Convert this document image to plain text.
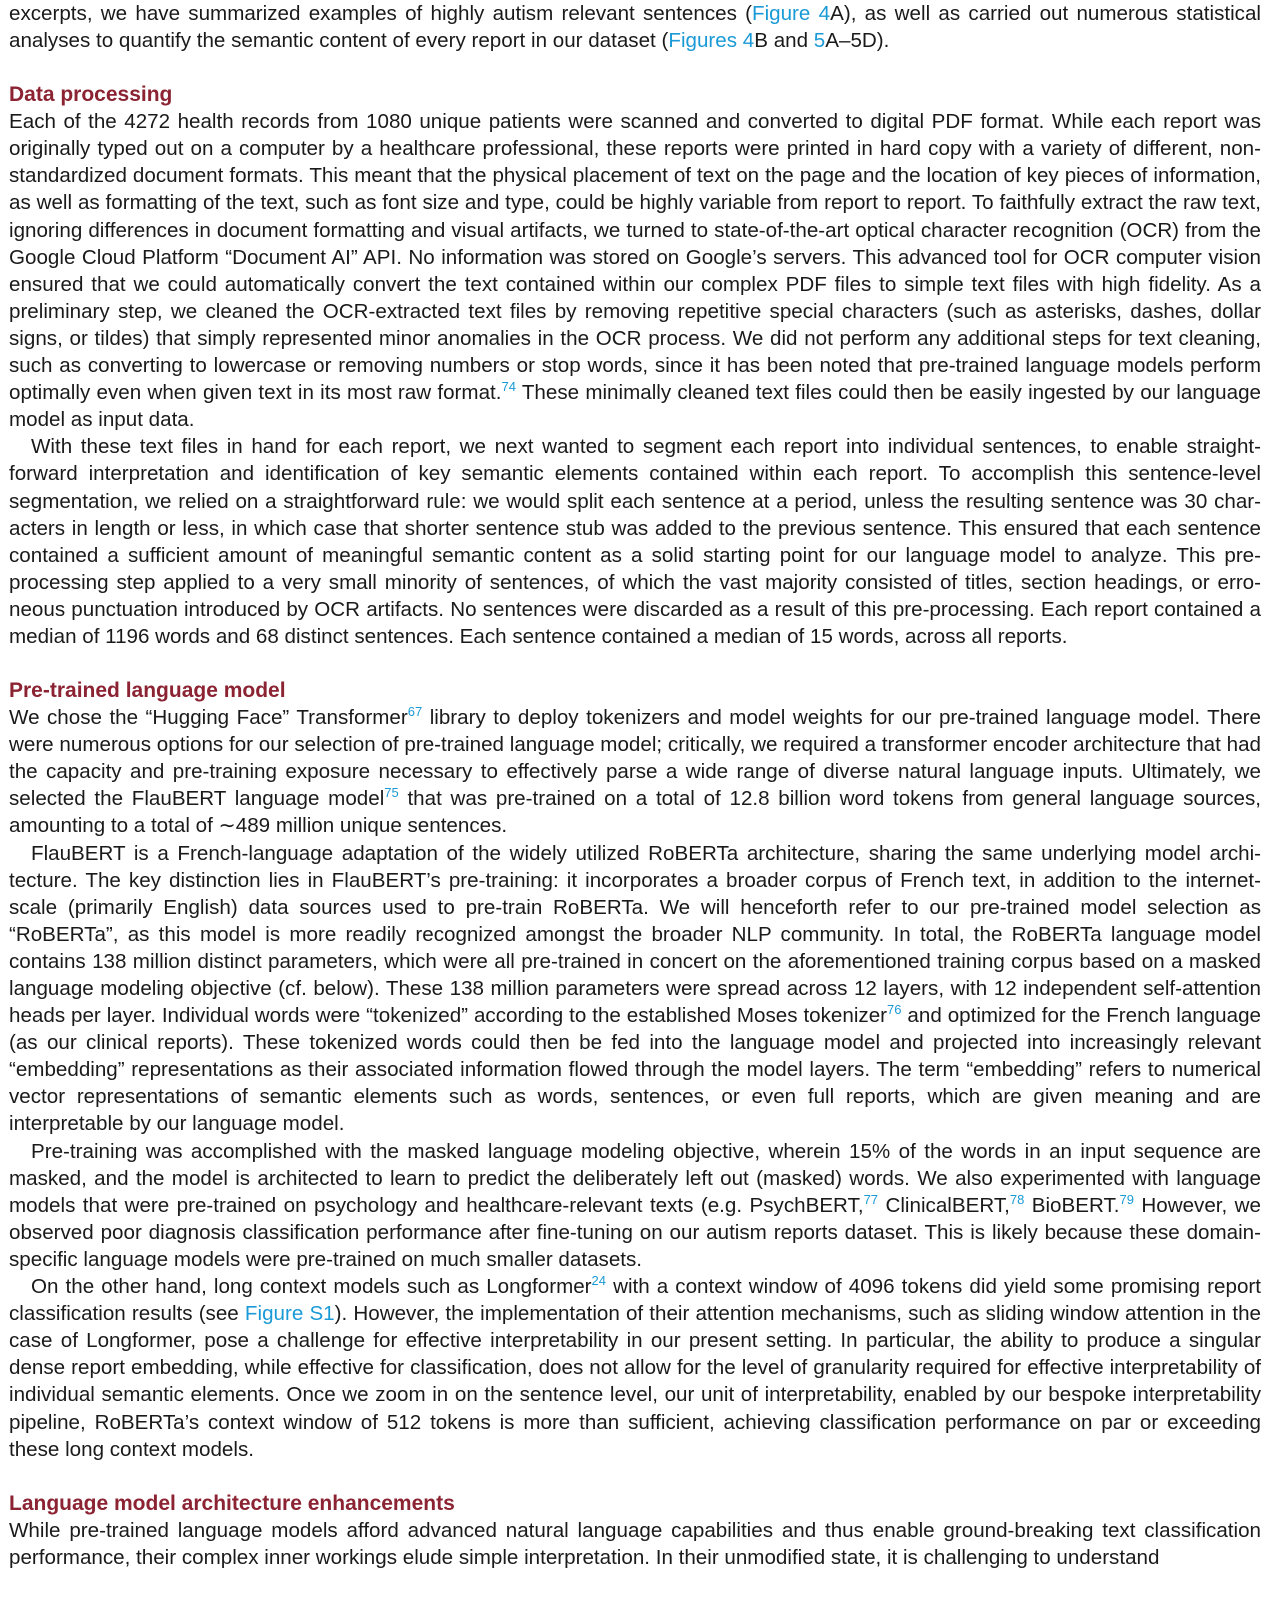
excerpts, we have summarized examples of highly autism relevant sentences (Figure 4A), as well as carried out numerous statistical analyses to quantify the semantic content of every report in our dataset (Figures 4B and 5A–5D).

Data processing

Each of the 4272 health records from 1080 unique patients were scanned and converted to digital PDF format. While each report was originally typed out on a computer by a healthcare professional, these reports were printed in hard copy with a variety of different, non-standardized document formats. This meant that the physical placement of text on the page and the location of key pieces of information, as well as formatting of the text, such as font size and type, could be highly variable from report to report. To faithfully extract the raw text, ignoring differences in document formatting and visual artifacts, we turned to state-of-the-art optical character recognition (OCR) from the Google Cloud Platform “Document AI” API. No information was stored on Google’s servers. This advanced tool for OCR computer vision ensured that we could automatically convert the text contained within our complex PDF files to simple text files with high fidelity. As a preliminary step, we cleaned the OCR-extracted text files by removing repetitive special characters (such as asterisks, dashes, dollar signs, or tildes) that simply represented minor anomalies in the OCR process. We did not perform any additional steps for text cleaning, such as converting to lowercase or removing numbers or stop words, since it has been noted that pre-trained language models perform optimally even when given text in its most raw format.$^{74}$ These minimally cleaned text files could then be easily ingested by our language model as input data.

With these text files in hand for each report, we next wanted to segment each report into individual sentences, to enable straightforward interpretation and identification of key semantic elements contained within each report. To accomplish this sentence-level segmentation, we relied on a straightforward rule: we would split each sentence at a period, unless the resulting sentence was 30 characters in length or less, in which case that shorter sentence stub was added to the previous sentence. This ensured that each sentence contained a sufficient amount of meaningful semantic content as a solid starting point for our language model to analyze. This preprocessing step applied to a very small minority of sentences, of which the vast majority consisted of titles, section headings, or erroneous punctuation introduced by OCR artifacts. No sentences were discarded as a result of this pre-processing. Each report contained a median of 1196 words and 68 distinct sentences. Each sentence contained a median of 15 words, across all reports.

Pre-trained language model

We chose the “Hugging Face” Transformer$^{67}$ library to deploy tokenizers and model weights for our pre-trained language model. There were numerous options for our selection of pre-trained language model; critically, we required a transformer encoder architecture that had the capacity and pre-training exposure necessary to effectively parse a wide range of diverse natural language inputs. Ultimately, we selected the FlauBERT language model$^{75}$ that was pre-trained on a total of 12.8 billion word tokens from general language sources, amounting to a total of ∼489 million unique sentences.

FlauBERT is a French-language adaptation of the widely utilized RoBERTa architecture, sharing the same underlying model architecture. The key distinction lies in FlauBERT’s pre-training: it incorporates a broader corpus of French text, in addition to the internet-scale (primarily English) data sources used to pre-train RoBERTa. We will henceforth refer to our pre-trained model selection as “RoBERTa”, as this model is more readily recognized amongst the broader NLP community. In total, the RoBERTa language model contains 138 million distinct parameters, which were all pre-trained in concert on the aforementioned training corpus based on a masked language modeling objective (cf. below). These 138 million parameters were spread across 12 layers, with 12 independent self-attention heads per layer. Individual words were “tokenized” according to the established Moses tokenizer$^{76}$ and optimized for the French language (as our clinical reports). These tokenized words could then be fed into the language model and projected into increasingly relevant “embedding” representations as their associated information flowed through the model layers. The term “embedding” refers to numerical vector representations of semantic elements such as words, sentences, or even full reports, which are given meaning and are interpretable by our language model.

Pre-training was accomplished with the masked language modeling objective, wherein 15% of the words in an input sequence are masked, and the model is architected to learn to predict the deliberately left out (masked) words. We also experimented with language models that were pre-trained on psychology and healthcare-relevant texts (e.g. PsychBERT,$^{77}$ ClinicalBERT,$^{78}$ BioBERT.$^{79}$ However, we observed poor diagnosis classification performance after fine-tuning on our autism reports dataset. This is likely because these domain-specific language models were pre-trained on much smaller datasets.

On the other hand, long context models such as Longformer$^{24}$ with a context window of 4096 tokens did yield some promising report classification results (see Figure S1). However, the implementation of their attention mechanisms, such as sliding window attention in the case of Longformer, pose a challenge for effective interpretability in our present setting. In particular, the ability to produce a singular dense report embedding, while effective for classification, does not allow for the level of granularity required for effective interpretability of individual semantic elements. Once we zoom in on the sentence level, our unit of interpretability, enabled by our bespoke interpretability pipeline, RoBERTa’s context window of 512 tokens is more than sufficient, achieving classification performance on par or exceeding these long context models.

Language model architecture enhancements

While pre-trained language models afford advanced natural language capabilities and thus enable ground-breaking text classification performance, their complex inner workings elude simple interpretation. In their unmodified state, it is challenging to understand
